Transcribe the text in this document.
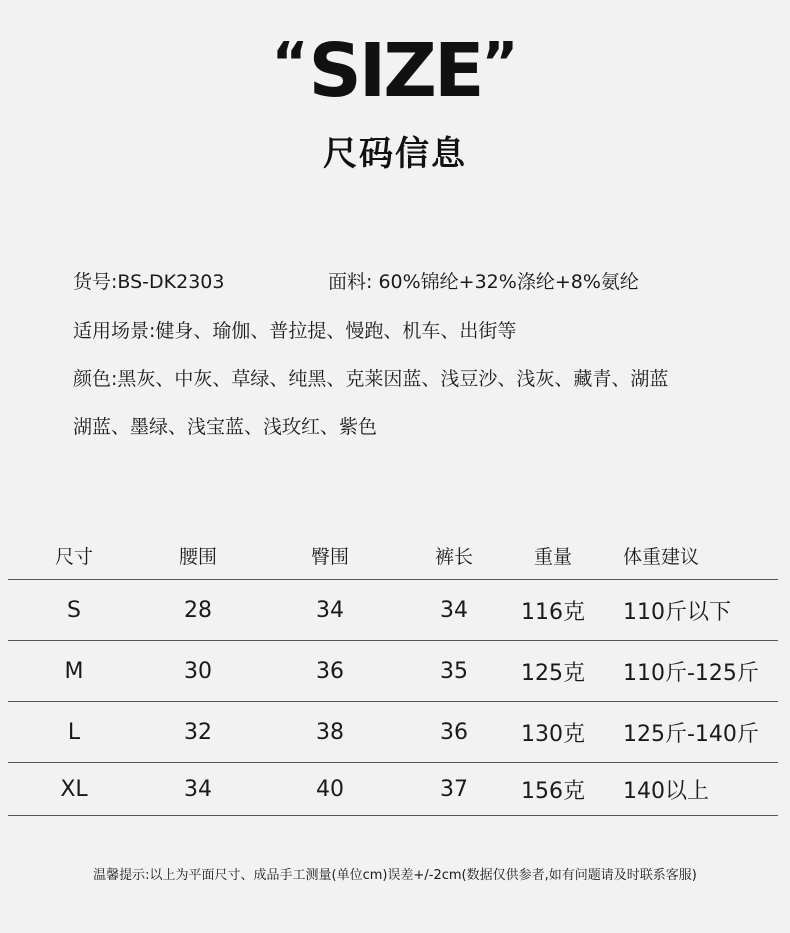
“SIZE”
尺码信息
货号:BS-DK2303	面料: 60%锦纶+32%涤纶+8%氨纶
适用场景:健身、瑜伽、普拉提、慢跑、机车、出街等
颜色:黑灰、中灰、草绿、纯黑、克莱因蓝、浅豆沙、浅灰、藏青、湖蓝
湖蓝、墨绿、浅宝蓝、浅玫红、紫色
尺寸	腰围	臀围	裤长	重量	体重建议
S	28	34	34	116克	110斤以下
M	30	36	35	125克	110斤-125斤
L	32	38	36	130克	125斤-140斤
XL	34	40	37	156克	140以上
温馨提示:以上为平面尺寸、成品手工测量(单位cm)误差+/-2cm(数据仅供参者,如有问题请及时联系客服)
